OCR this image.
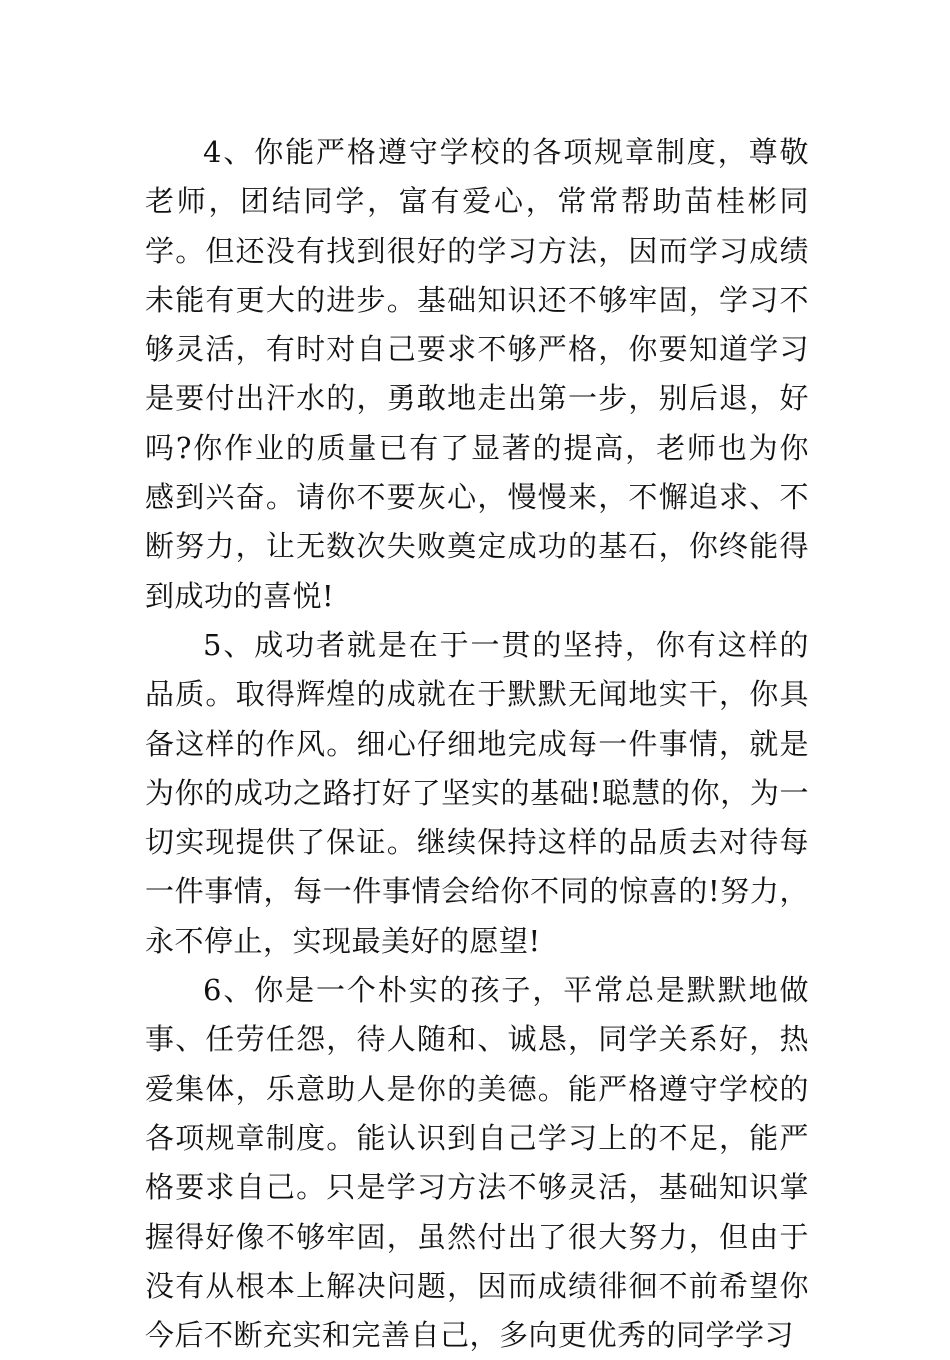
4、你能严格遵守学校的各项规章制度，尊敬老师，团结同学，富有爱心，常常帮助苗桂彬同学。但还没有找到很好的学习方法，因而学习成绩未能有更大的进步。基础知识还不够牢固，学习不够灵活，有时对自己要求不够严格，你要知道学习是要付出汗水的，勇敢地走出第一步，别后退，好吗?你作业的质量已有了显著的提高，老师也为你感到兴奋。请你不要灰心，慢慢来，不懈追求、不断努力，让无数次失败奠定成功的基石，你终能得到成功的喜悦!

5、成功者就是在于一贯的坚持，你有这样的品质。取得辉煌的成就在于默默无闻地实干，你具备这样的作风。细心仔细地完成每一件事情，就是为你的成功之路打好了坚实的基础!聪慧的你，为一切实现提供了保证。继续保持这样的品质去对待每一件事情，每一件事情会给你不同的惊喜的!努力，永不停止，实现最美好的愿望!

6、你是一个朴实的孩子，平常总是默默地做事、任劳任怨，待人随和、诚恳，同学关系好，热爱集体，乐意助人是你的美德。能严格遵守学校的各项规章制度。能认识到自己学习上的不足，能严格要求自己。只是学习方法不够灵活，基础知识掌握得好像不够牢固，虽然付出了很大努力，但由于没有从根本上解决问题，因而成绩徘徊不前希望你今后不断充实和完善自己，多向更优秀的同学学习
